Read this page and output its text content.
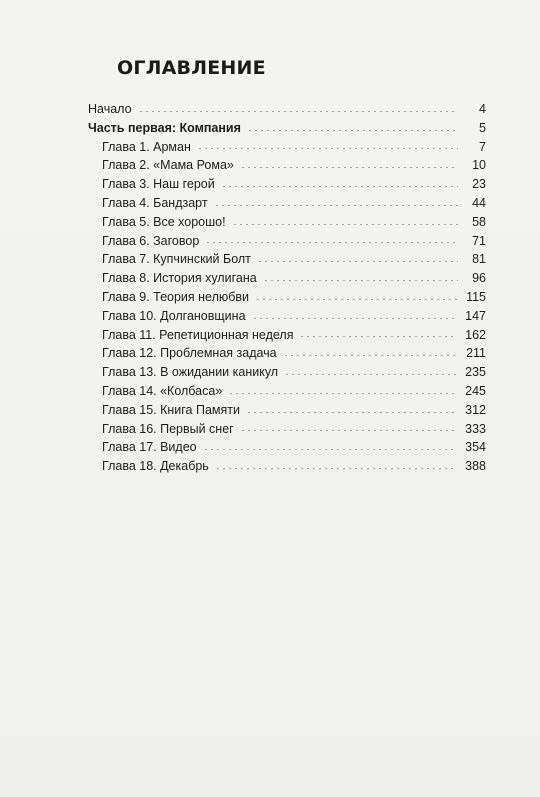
ОГЛАВЛЕНИЕ
Начало	4
Часть первая: Компания	5
Глава 1. Арман	7
Глава 2. «Мама Рома»	10
Глава 3. Наш герой	23
Глава 4. Бандзарт	44
Глава 5. Все хорошо!	58
Глава 6. Заговор	71
Глава 7. Купчинский Болт	81
Глава 8. История хулигана	96
Глава 9. Теория нелюбви	115
Глава 10. Долгановщина	147
Глава 11. Репетиционная неделя	162
Глава 12. Проблемная задача	211
Глава 13. В ожидании каникул	235
Глава 14. «Колбаса»	245
Глава 15. Книга Памяти	312
Глава 16. Первый снег	333
Глава 17. Видео	354
Глава 18. Декабрь	388
